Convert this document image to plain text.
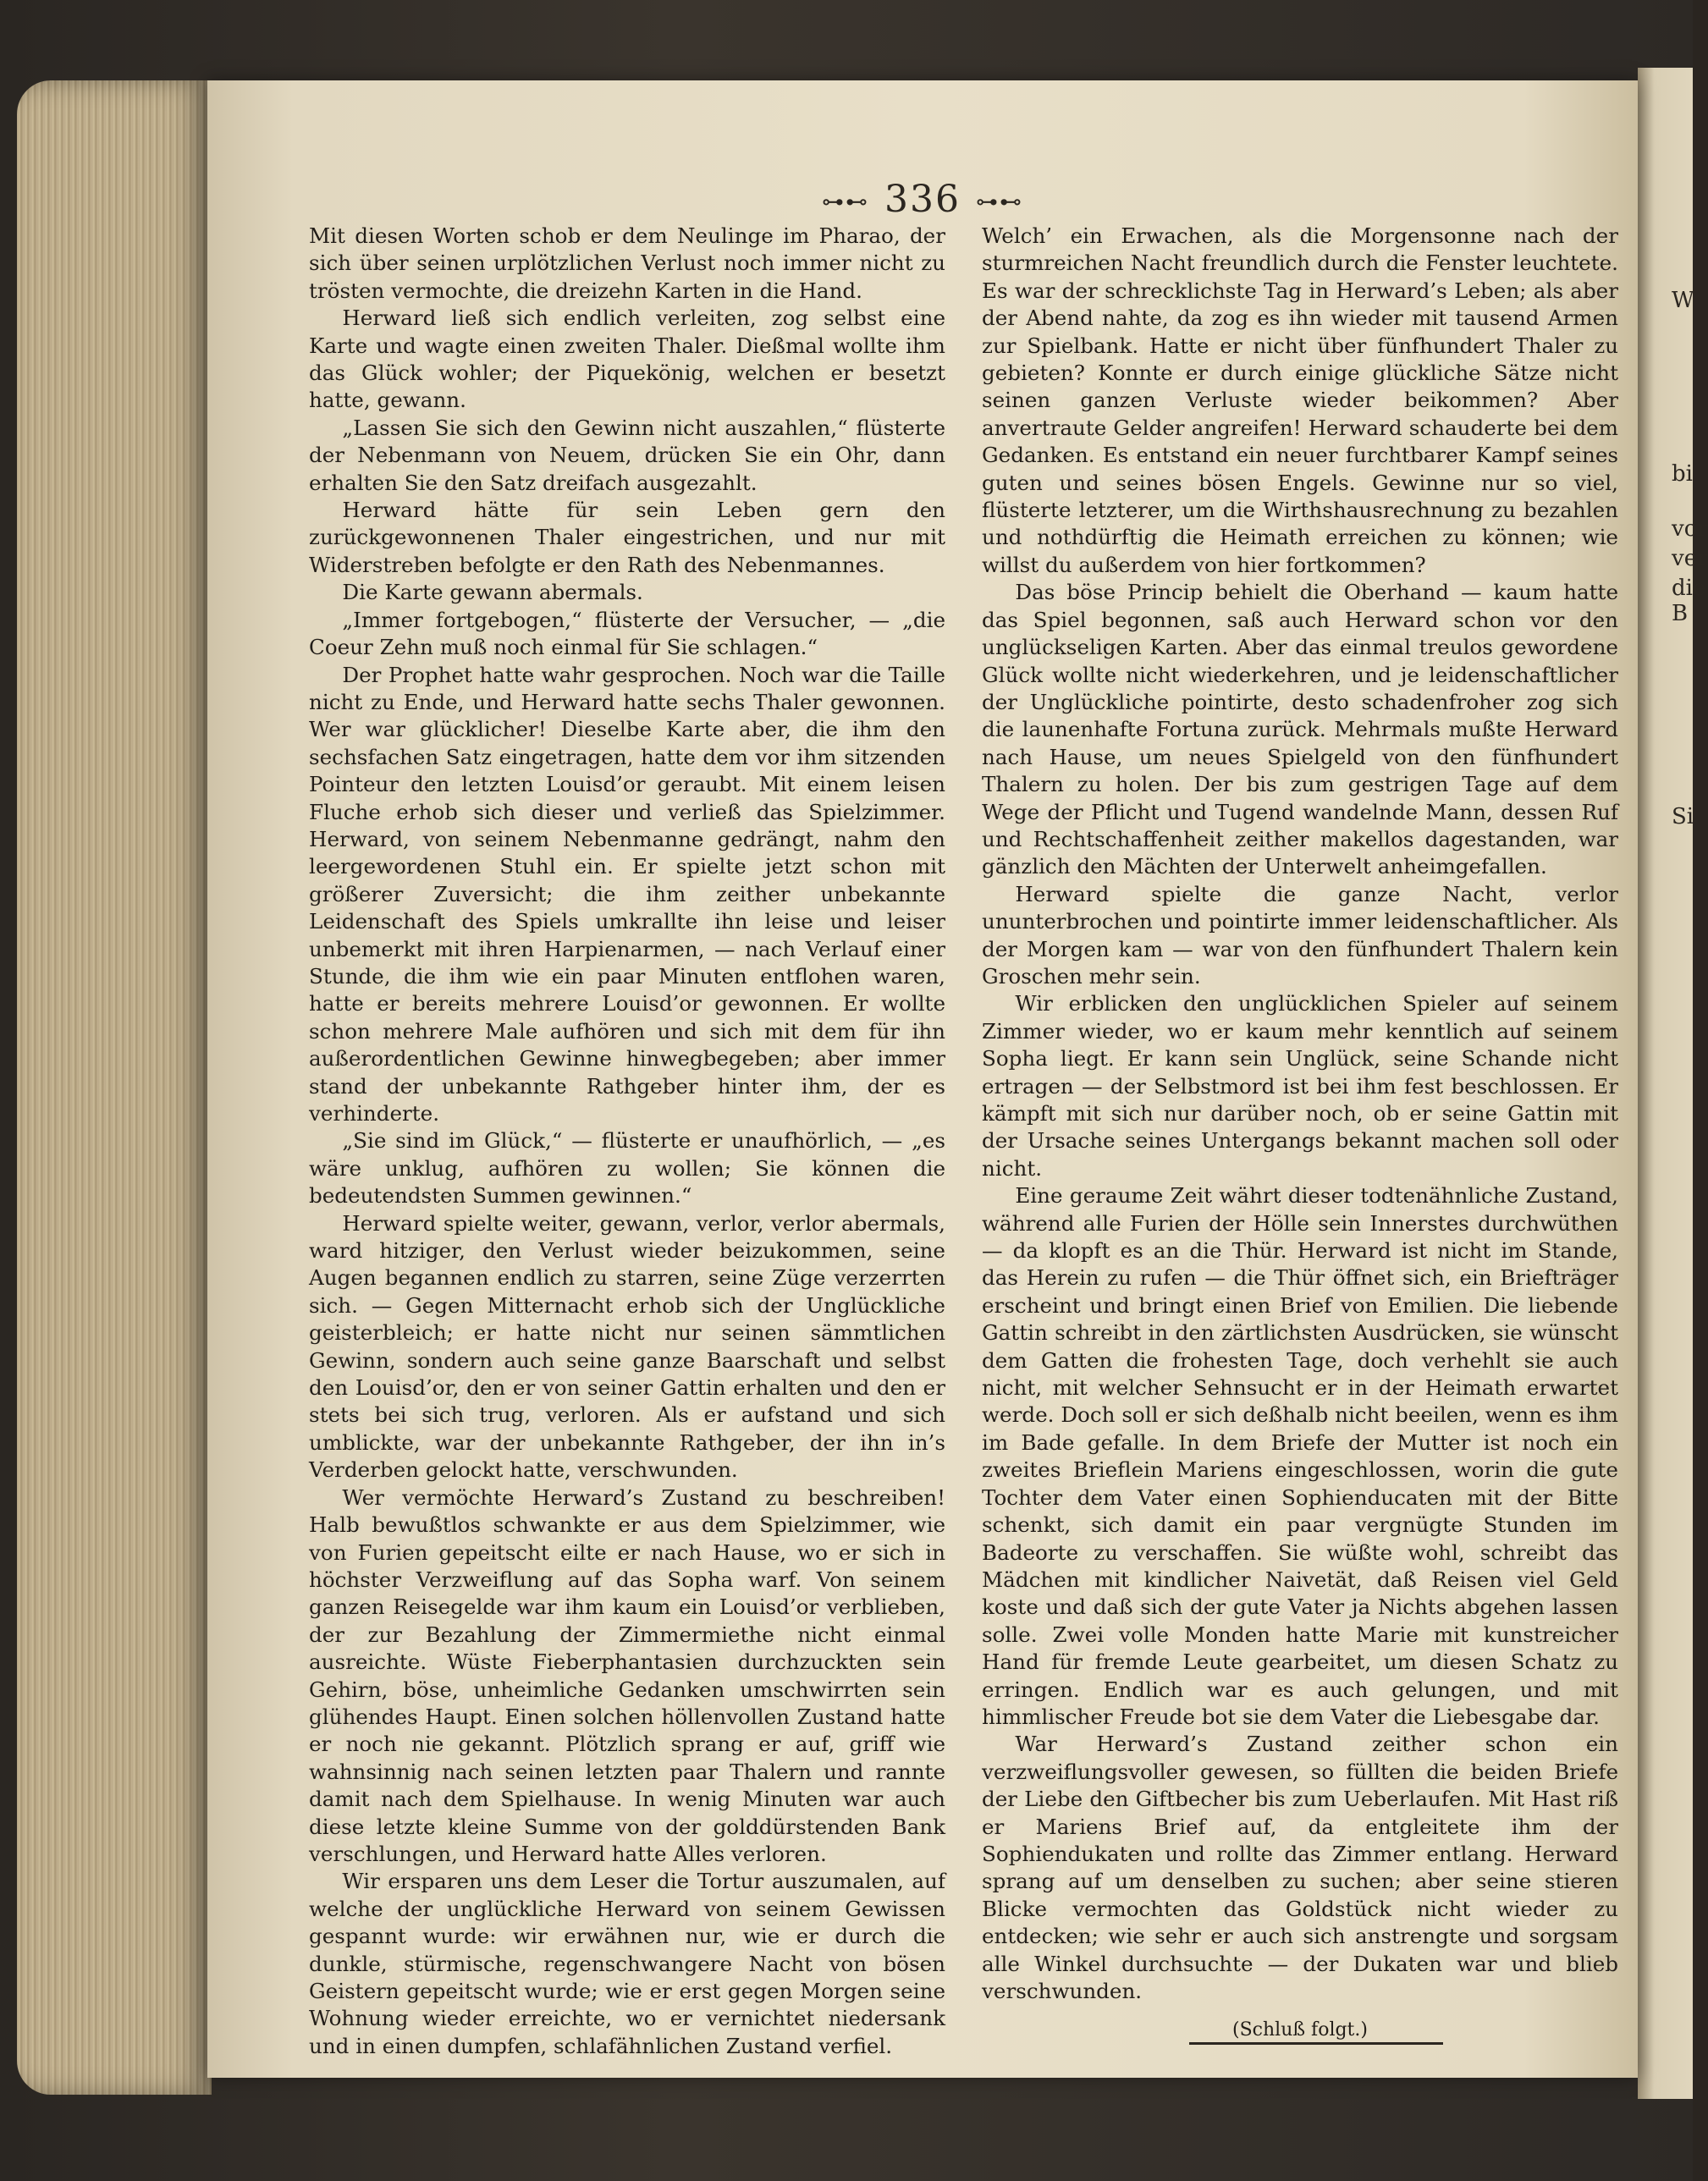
W
bi
vor
ver
die
B
Si
⊶⊷ 336 ⊶⊷

Mit diesen Worten schob er dem Neulinge im Pharao, der sich über seinen urplötzlichen Verlust noch immer nicht zu trösten vermochte, die dreizehn Karten in die Hand.

Herward ließ sich endlich verleiten, zog selbst eine Karte und wagte einen zweiten Thaler. Dießmal wollte ihm das Glück wohler; der Piquekönig, welchen er besetzt hatte, gewann.

„Lassen Sie sich den Gewinn nicht auszahlen,“ flüsterte der Nebenmann von Neuem, drücken Sie ein Ohr, dann erhalten Sie den Satz dreifach ausgezahlt.

Herward hätte für sein Leben gern den zurückgewonnenen Thaler eingestrichen, und nur mit Widerstreben befolgte er den Rath des Nebenmannes.

Die Karte gewann abermals.

„Immer fortgebogen,“ flüsterte der Versucher, — „die Coeur Zehn muß noch einmal für Sie schlagen.“

Der Prophet hatte wahr gesprochen. Noch war die Taille nicht zu Ende, und Herward hatte sechs Thaler gewonnen. Wer war glücklicher! Dieselbe Karte aber, die ihm den sechsfachen Satz eingetragen, hatte dem vor ihm sitzenden Pointeur den letzten Louisd’or geraubt. Mit einem leisen Fluche erhob sich dieser und verließ das Spielzimmer. Herward, von seinem Nebenmanne gedrängt, nahm den leergewordenen Stuhl ein. Er spielte jetzt schon mit größerer Zuversicht; die ihm zeither unbekannte Leidenschaft des Spiels umkrallte ihn leise und leiser unbemerkt mit ihren Harpienarmen, — nach Verlauf einer Stunde, die ihm wie ein paar Minuten entflohen waren, hatte er bereits mehrere Louisd’or gewonnen. Er wollte schon mehrere Male aufhören und sich mit dem für ihn außerordentlichen Gewinne hinwegbegeben; aber immer stand der unbekannte Rathgeber hinter ihm, der es verhinderte.

„Sie sind im Glück,“ — flüsterte er unaufhörlich, — „es wäre unklug, aufhören zu wollen; Sie können die bedeutendsten Summen gewinnen.“

Herward spielte weiter, gewann, verlor, verlor abermals, ward hitziger, den Verlust wieder beizukommen, seine Augen begannen endlich zu starren, seine Züge verzerrten sich. — Gegen Mitternacht erhob sich der Unglückliche geisterbleich; er hatte nicht nur seinen sämmtlichen Gewinn, sondern auch seine ganze Baarschaft und selbst den Louisd’or, den er von seiner Gattin erhalten und den er stets bei sich trug, verloren. Als er aufstand und sich umblickte, war der unbekannte Rathgeber, der ihn in’s Verderben gelockt hatte, verschwunden.

Wer vermöchte Herward’s Zustand zu beschreiben! Halb bewußtlos schwankte er aus dem Spielzimmer, wie von Furien gepeitscht eilte er nach Hause, wo er sich in höchster Verzweiflung auf das Sopha warf. Von seinem ganzen Reisegelde war ihm kaum ein Louisd’or verblieben, der zur Bezahlung der Zimmermiethe nicht einmal ausreichte. Wüste Fieberphantasien durchzuckten sein Gehirn, böse, unheimliche Gedanken umschwirrten sein glühendes Haupt. Einen solchen höllenvollen Zustand hatte er noch nie gekannt. Plötzlich sprang er auf, griff wie wahnsinnig nach seinen letzten paar Thalern und rannte damit nach dem Spielhause. In wenig Minuten war auch diese letzte kleine Summe von der golddürstenden Bank verschlungen, und Herward hatte Alles verloren.

Wir ersparen uns dem Leser die Tortur auszumalen, auf welche der unglückliche Herward von seinem Gewissen gespannt wurde: wir erwähnen nur, wie er durch die dunkle, stürmische, regenschwangere Nacht von bösen Geistern gepeitscht wurde; wie er erst gegen Morgen seine Wohnung wieder erreichte, wo er vernichtet niedersank und in einen dumpfen, schlafähnlichen Zustand verfiel.

Welch’ ein Erwachen, als die Morgensonne nach der sturmreichen Nacht freundlich durch die Fenster leuchtete. Es war der schrecklichste Tag in Herward’s Leben; als aber der Abend nahte, da zog es ihn wieder mit tausend Armen zur Spielbank. Hatte er nicht über fünfhundert Thaler zu gebieten? Konnte er durch einige glückliche Sätze nicht seinen ganzen Verluste wieder beikommen? Aber anvertraute Gelder angreifen! Herward schauderte bei dem Gedanken. Es entstand ein neuer furchtbarer Kampf seines guten und seines bösen Engels. Gewinne nur so viel, flüsterte letzterer, um die Wirthshausrechnung zu bezahlen und nothdürftig die Heimath erreichen zu können; wie willst du außerdem von hier fortkommen?

Das böse Princip behielt die Oberhand — kaum hatte das Spiel begonnen, saß auch Herward schon vor den unglückseligen Karten. Aber das einmal treulos gewordene Glück wollte nicht wiederkehren, und je leidenschaftlicher der Unglückliche pointirte, desto schadenfroher zog sich die launenhafte Fortuna zurück. Mehrmals mußte Herward nach Hause, um neues Spielgeld von den fünfhundert Thalern zu holen. Der bis zum gestrigen Tage auf dem Wege der Pflicht und Tugend wandelnde Mann, dessen Ruf und Rechtschaffenheit zeither makellos dagestanden, war gänzlich den Mächten der Unterwelt anheimgefallen.

Herward spielte die ganze Nacht, verlor ununterbrochen und pointirte immer leidenschaftlicher. Als der Morgen kam — war von den fünfhundert Thalern kein Groschen mehr sein.

Wir erblicken den unglücklichen Spieler auf seinem Zimmer wieder, wo er kaum mehr kenntlich auf seinem Sopha liegt. Er kann sein Unglück, seine Schande nicht ertragen — der Selbstmord ist bei ihm fest beschlossen. Er kämpft mit sich nur darüber noch, ob er seine Gattin mit der Ursache seines Untergangs bekannt machen soll oder nicht.

Eine geraume Zeit währt dieser todtenähnliche Zustand, während alle Furien der Hölle sein Innerstes durchwüthen — da klopft es an die Thür. Herward ist nicht im Stande, das Herein zu rufen — die Thür öffnet sich, ein Briefträger erscheint und bringt einen Brief von Emilien. Die liebende Gattin schreibt in den zärtlichsten Ausdrücken, sie wünscht dem Gatten die frohesten Tage, doch verhehlt sie auch nicht, mit welcher Sehnsucht er in der Heimath erwartet werde. Doch soll er sich deßhalb nicht beeilen, wenn es ihm im Bade gefalle. In dem Briefe der Mutter ist noch ein zweites Brieflein Mariens eingeschlossen, worin die gute Tochter dem Vater einen Sophienducaten mit der Bitte schenkt, sich damit ein paar vergnügte Stunden im Badeorte zu verschaffen. Sie wüßte wohl, schreibt das Mädchen mit kindlicher Naivetät, daß Reisen viel Geld koste und daß sich der gute Vater ja Nichts abgehen lassen solle. Zwei volle Monden hatte Marie mit kunstreicher Hand für fremde Leute gearbeitet, um diesen Schatz zu erringen. Endlich war es auch gelungen, und mit himmlischer Freude bot sie dem Vater die Liebesgabe dar.

War Herward’s Zustand zeither schon ein verzweiflungsvoller gewesen, so füllten die beiden Briefe der Liebe den Giftbecher bis zum Ueberlaufen. Mit Hast riß er Mariens Brief auf, da entgleitete ihm der Sophiendukaten und rollte das Zimmer entlang. Herward sprang auf um denselben zu suchen; aber seine stieren Blicke vermochten das Goldstück nicht wieder zu entdecken; wie sehr er auch sich anstrengte und sorgsam alle Winkel durchsuchte — der Dukaten war und blieb verschwunden.

(Schluß folgt.)
